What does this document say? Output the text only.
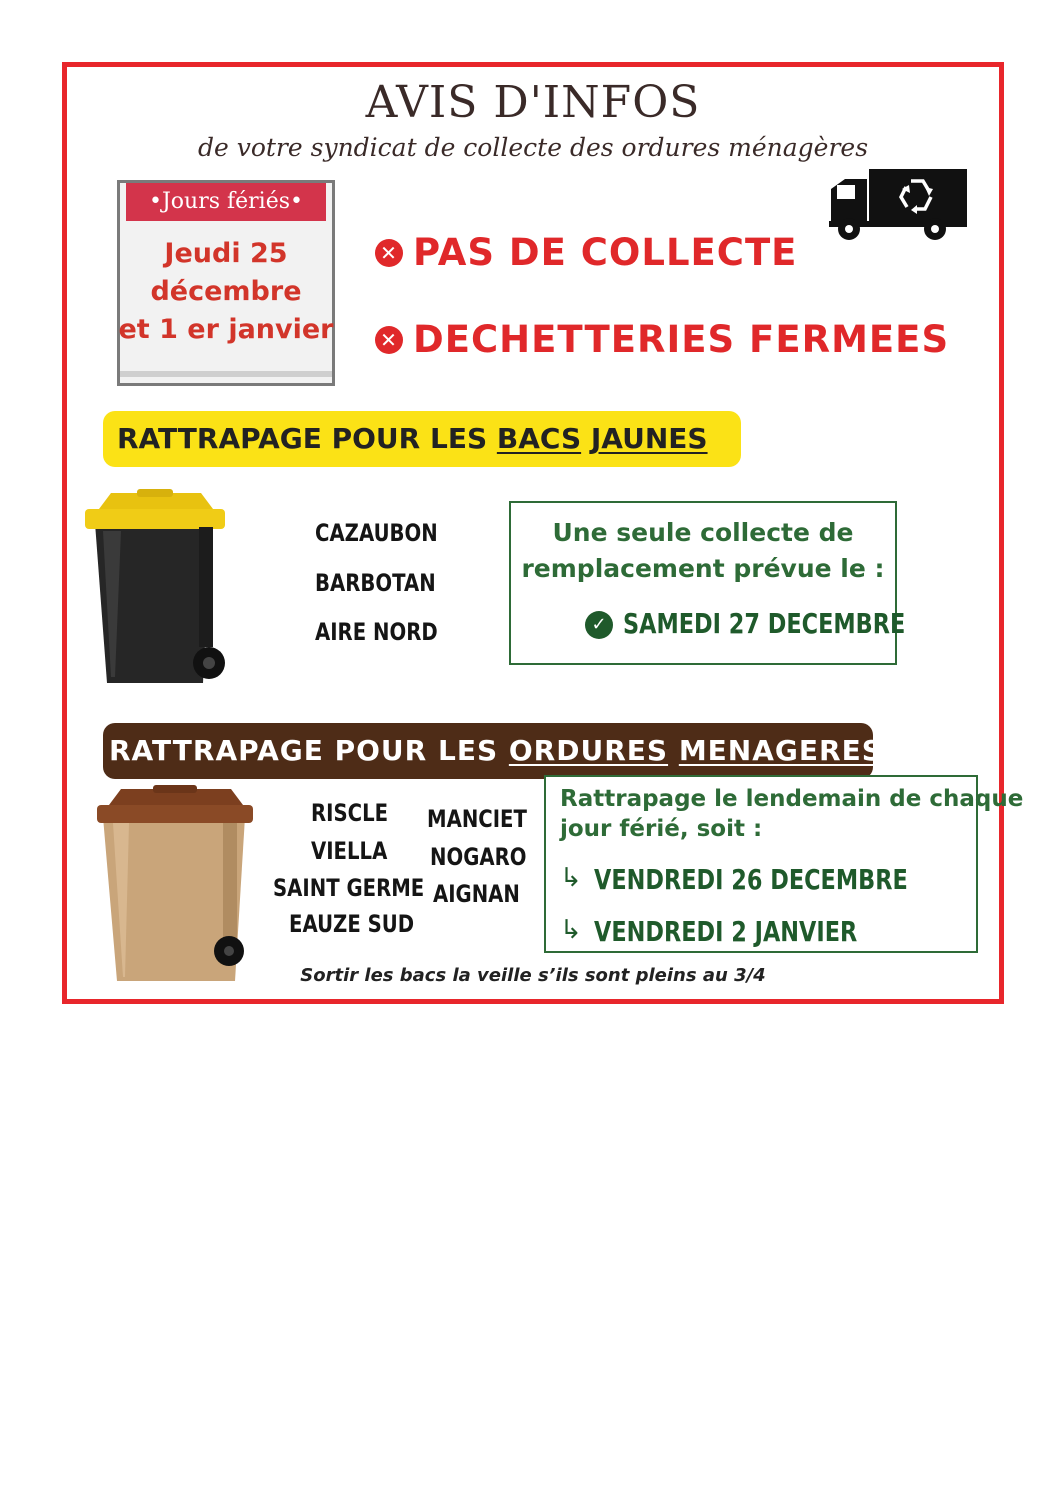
AVIS D'INFOS
de votre syndicat de collecte des ordures ménagères
•Jours fériés•
Jeudi 25
décembre
et 1 er janvier
✕ PAS DE COLLECTE
✕ DECHETTERIES FERMEES
RATTRAPAGE POUR LES BACS JAUNES
CAZAUBON
BARBOTAN
AIRE NORD
Une seule collecte de
remplacement prévue le :
✓ SAMEDI 27 DECEMBRE
RATTRAPAGE POUR LES ORDURES MENAGERES
RISCLE
VIELLA
SAINT GERME
EAUZE SUD
MANCIET
NOGARO
AIGNAN
Rattrapage le lendemain de chaque
jour férié, soit :
↳ VENDREDI 26 DECEMBRE
↳ VENDREDI 2 JANVIER
Sortir les bacs la veille s’ils sont pleins au 3/4
